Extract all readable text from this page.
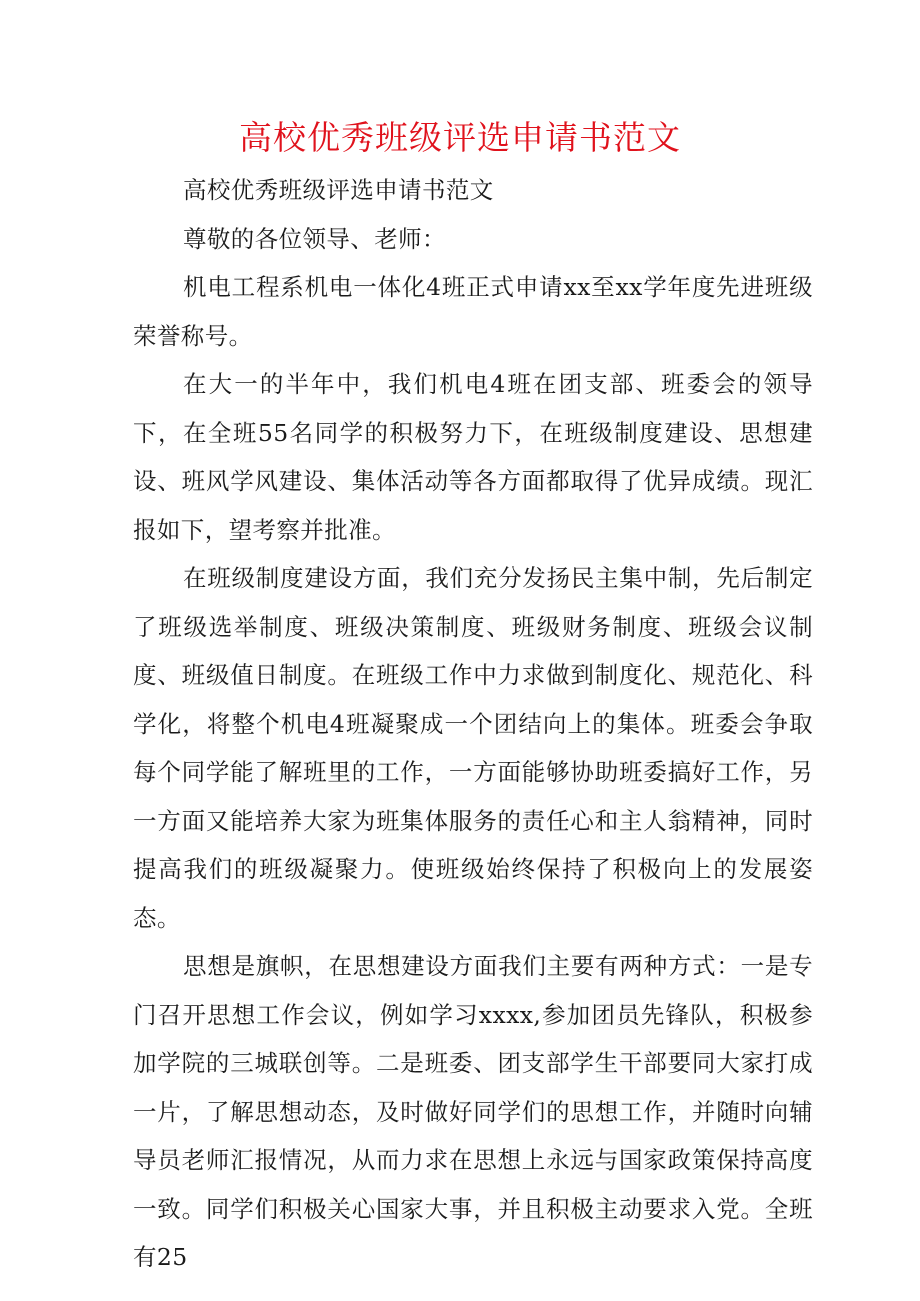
高校优秀班级评选申请书范文

高校优秀班级评选申请书范文

尊敬的各位领导、老师：

机电工程系机电一体化4班正式申请xx至xx学年度先进班级荣誉称号。

在大一的半年中，我们机电4班在团支部、班委会的领导下，在全班55名同学的积极努力下，在班级制度建设、思想建设、班风学风建设、集体活动等各方面都取得了优异成绩。现汇报如下，望考察并批准。

在班级制度建设方面，我们充分发扬民主集中制，先后制定了班级选举制度、班级决策制度、班级财务制度、班级会议制度、班级值日制度。在班级工作中力求做到制度化、规范化、科学化，将整个机电4班凝聚成一个团结向上的集体。班委会争取每个同学能了解班里的工作，一方面能够协助班委搞好工作，另一方面又能培养大家为班集体服务的责任心和主人翁精神，同时提高我们的班级凝聚力。使班级始终保持了积极向上的发展姿态。

思想是旗帜，在思想建设方面我们主要有两种方式：一是专门召开思想工作会议，例如学习xxxx,参加团员先锋队，积极参加学院的三城联创等。二是班委、团支部学生干部要同大家打成一片，了解思想动态，及时做好同学们的思想工作，并随时向辅导员老师汇报情况，从而力求在思想上永远与国家政策保持高度一致。同学们积极关心国家大事，并且积极主动要求入党。全班有25
